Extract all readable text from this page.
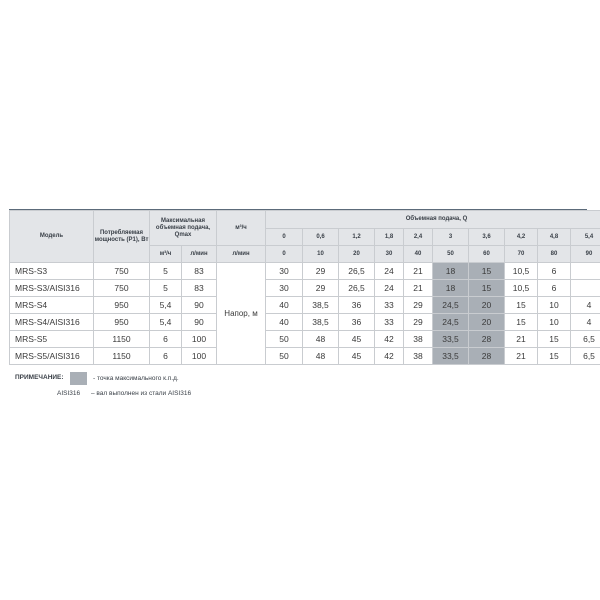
Модель	Потребляемая мощность (P1), Вт	Максимальная объемная подача, Qmax		м³/ч	Объемная подача, Q									
					0	0,6	1,2	1,8	2,4	3	3,6	4,2	4,8	5,4
		м³/ч	л/мин	л/мин	0	10	20	30	40	50	60	70	80	90
MRS-S3	750	5	83	Напор, м	30	29	26,5	24	21	18	15	10,5	6	
MRS-S3/AISI316	750	5	83		30	29	26,5	24	21	18	15	10,5	6	
MRS-S4	950	5,4	90		40	38,5	36	33	29	24,5	20	15	10	4
MRS-S4/AISI316	950	5,4	90		40	38,5	36	33	29	24,5	20	15	10	4
MRS-S5	1150	6	100		50	48	45	42	38	33,5	28	21	15	6,5
MRS-S5/AISI316	1150	6	100		50	48	45	42	38	33,5	28	21	15	6,5
ПРИМЕЧАНИЕ:	- точка максимального к.п.д.
AISI316 – вал выполнен из стали AISI316
